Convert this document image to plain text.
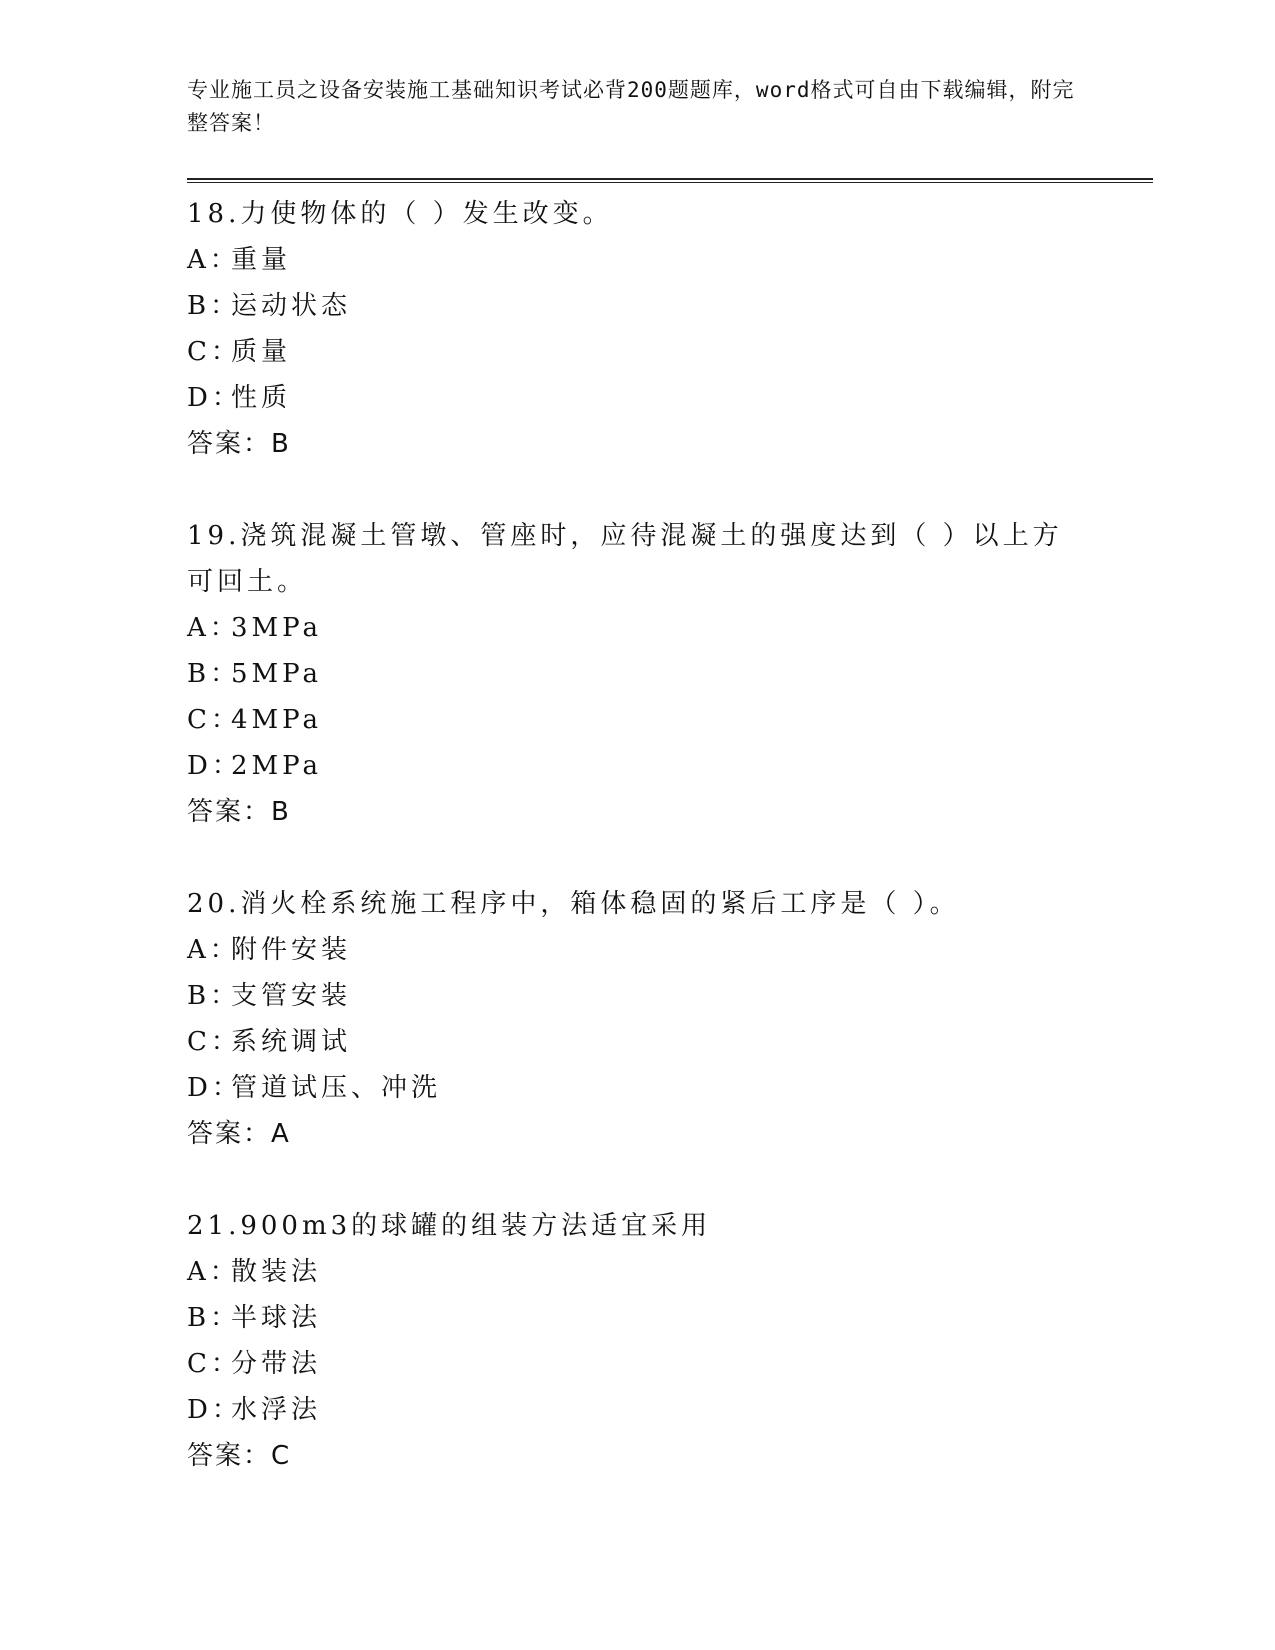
专业施工员之设备安装施工基础知识考试必背200题题库，word格式可自由下载编辑，附完整答案！
18.力使物体的（ ）发生改变。
A：重量
B：运动状态
C：质量
D：性质
答案：B
19.浇筑混凝土管墩、管座时，应待混凝土的强度达到（ ）以上方可回土。
A：3MPa
B：5MPa
C：4MPa
D：2MPa
答案：B
20.消火栓系统施工程序中，箱体稳固的紧后工序是（ ）。
A：附件安装
B：支管安装
C：系统调试
D：管道试压、冲洗
答案：A
21.900m3的球罐的组装方法适宜采用
A：散装法
B：半球法
C：分带法
D：水浮法
答案：C
